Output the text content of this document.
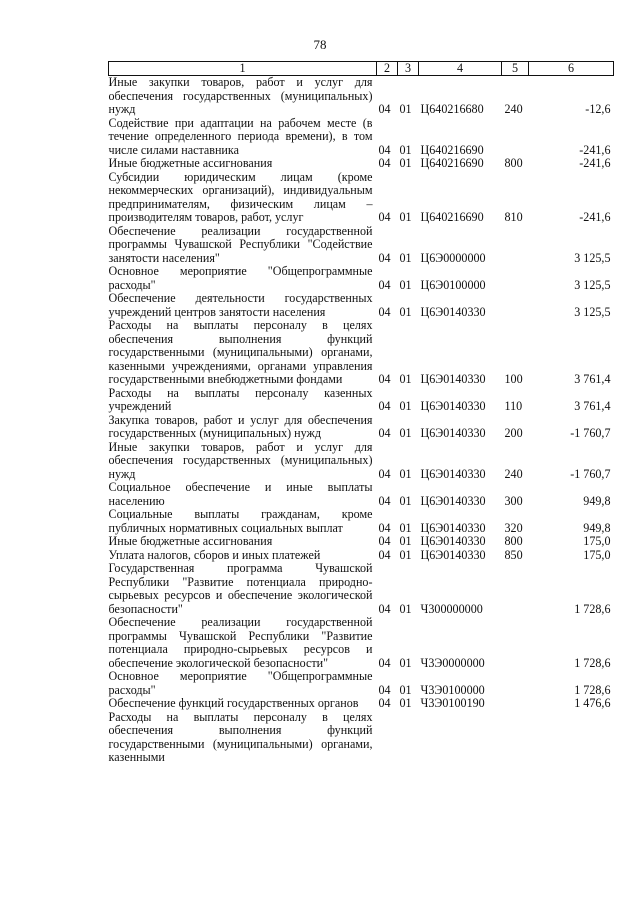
78
1	2	3	4	5	6
Иные закупки товаров, работ и услуг для обеспечения государственных (муниципальных) нужд	04	01	Ц640216680	240	-12,6
Содействие при адаптации на рабочем месте (в течение определенного периода времени), в том числе силами наставника	04	01	Ц640216690		-241,6
Иные бюджетные ассигнования	04	01	Ц640216690	800	-241,6
Субсидии юридическим лицам (кроме некоммерческих организаций), индивидуальным предпринимателям, физическим лицам – производителям товаров, работ, услуг	04	01	Ц640216690	810	-241,6
Обеспечение реализации государственной программы Чувашской Республики "Содействие занятости населения"	04	01	Ц6Э0000000		3 125,5
Основное мероприятие "Общепрограммные расходы"	04	01	Ц6Э0100000		3 125,5
Обеспечение деятельности государственных учреждений центров занятости населения	04	01	Ц6Э0140330		3 125,5
Расходы на выплаты персоналу в целях обеспечения выполнения функций государственными (муниципальными) органами, казенными учреждениями, органами управления государственными внебюджетными фондами	04	01	Ц6Э0140330	100	3 761,4
Расходы на выплаты персоналу казенных учреждений	04	01	Ц6Э0140330	110	3 761,4
Закупка товаров, работ и услуг для обеспечения государственных (муниципальных) нужд	04	01	Ц6Э0140330	200	-1 760,7
Иные закупки товаров, работ и услуг для обеспечения государственных (муниципальных) нужд	04	01	Ц6Э0140330	240	-1 760,7
Социальное обеспечение и иные выплаты населению	04	01	Ц6Э0140330	300	949,8
Социальные выплаты гражданам, кроме публичных нормативных социальных выплат	04	01	Ц6Э0140330	320	949,8
Иные бюджетные ассигнования	04	01	Ц6Э0140330	800	175,0
Уплата налогов, сборов и иных платежей	04	01	Ц6Э0140330	850	175,0
Государственная программа Чувашской Республики "Развитие потенциала природно-сырьевых ресурсов и обеспечение экологической безопасности"	04	01	Ч300000000		1 728,6
Обеспечение реализации государственной программы Чувашской Республики "Развитие потенциала природно-сырьевых ресурсов и обеспечение экологической безопасности"	04	01	Ч3Э0000000		1 728,6
Основное мероприятие "Общепрограммные расходы"	04	01	Ч3Э0100000		1 728,6
Обеспечение функций государственных органов	04	01	Ч3Э0100190		1 476,6
Расходы на выплаты персоналу в целях обеспечения выполнения функций государственными (муниципальными) органами, казенными					
